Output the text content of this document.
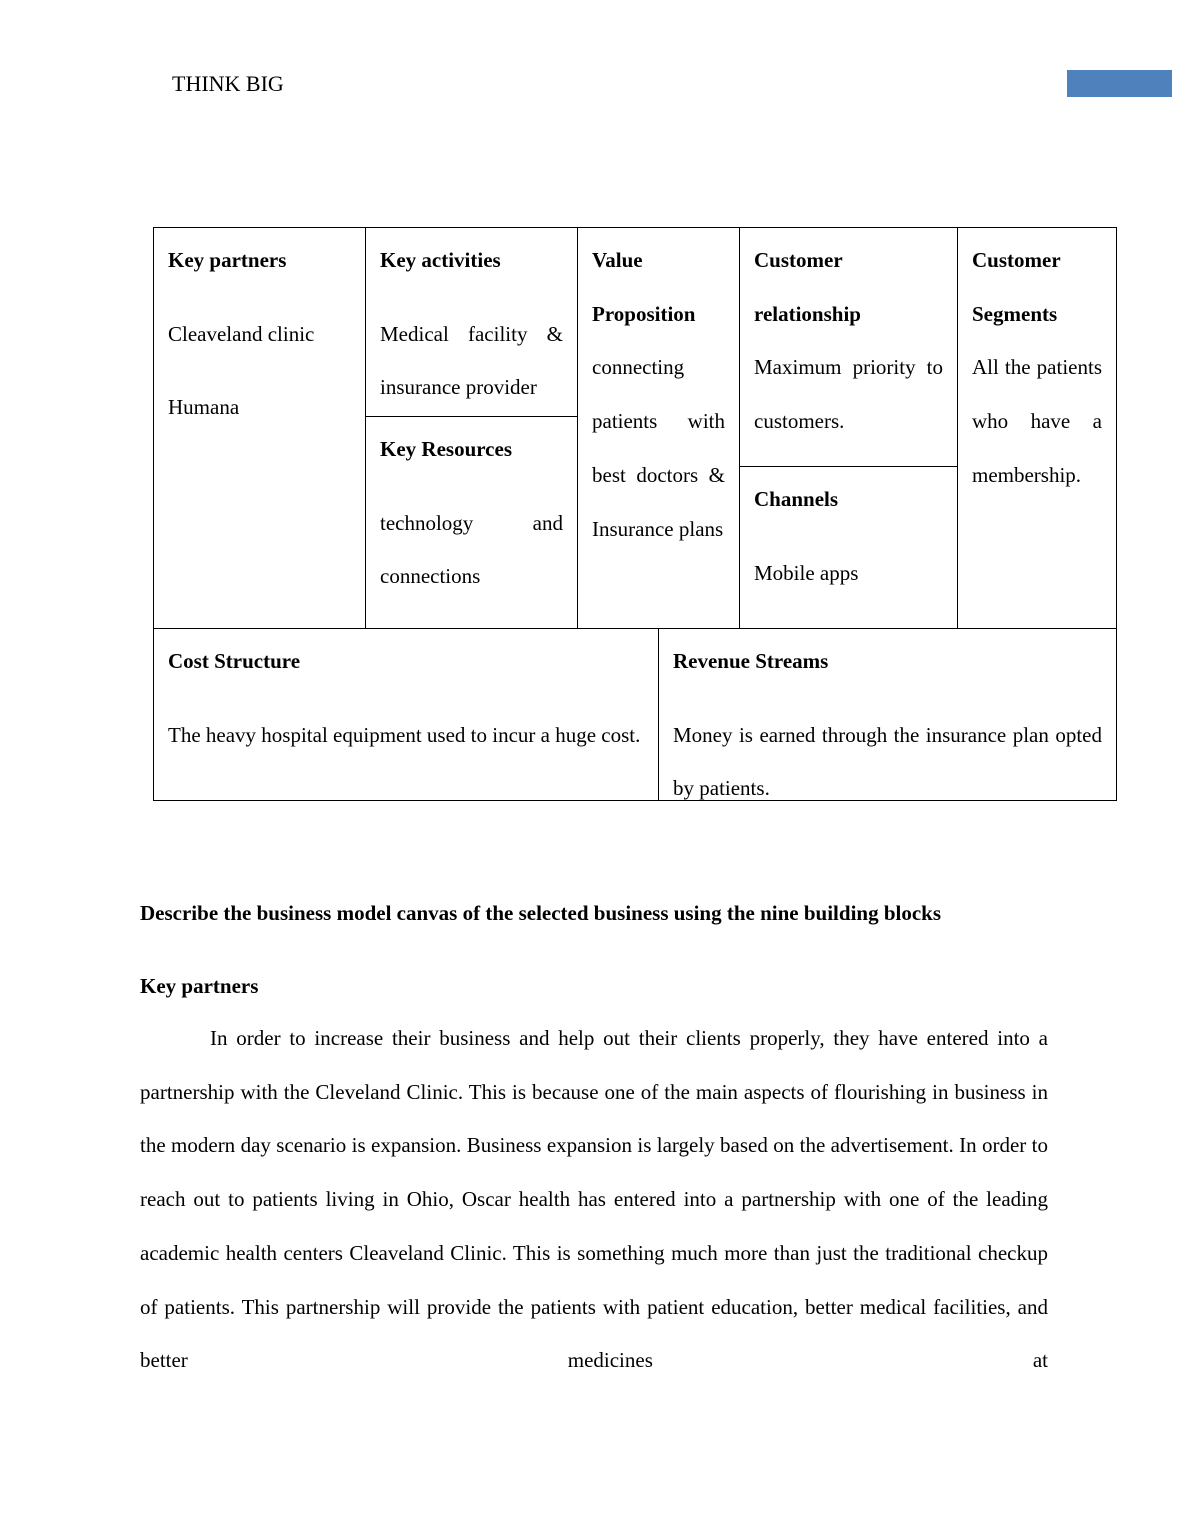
THINK BIG

Key partners

Cleaveland clinic

Humana

Key activities

Medical facility & insurance provider

Key Resources

technology and connections

Value Proposition

connecting patients with best doctors & Insurance plans

Customer relationship

Maximum priority to customers.

Channels

Mobile apps

Customer Segments

All the patients who have a membership.

Cost Structure

The heavy hospital equipment used to incur a huge cost.

Revenue Streams

Money is earned through the insurance plan opted by patients.

Describe the business model canvas of the selected business using the nine building blocks
Key partners

In order to increase their business and help out their clients properly, they have entered into a partnership with the Cleveland Clinic. This is because one of the main aspects of flourishing in business in the modern day scenario is expansion. Business expansion is largely based on the advertisement. In order to reach out to patients living in Ohio, Oscar health has entered into a partnership with one of the leading academic health centers Cleaveland Clinic. This is something much more than just the traditional checkup of patients. This partnership will provide the patients with patient education, better medical facilities, and better medicines at
